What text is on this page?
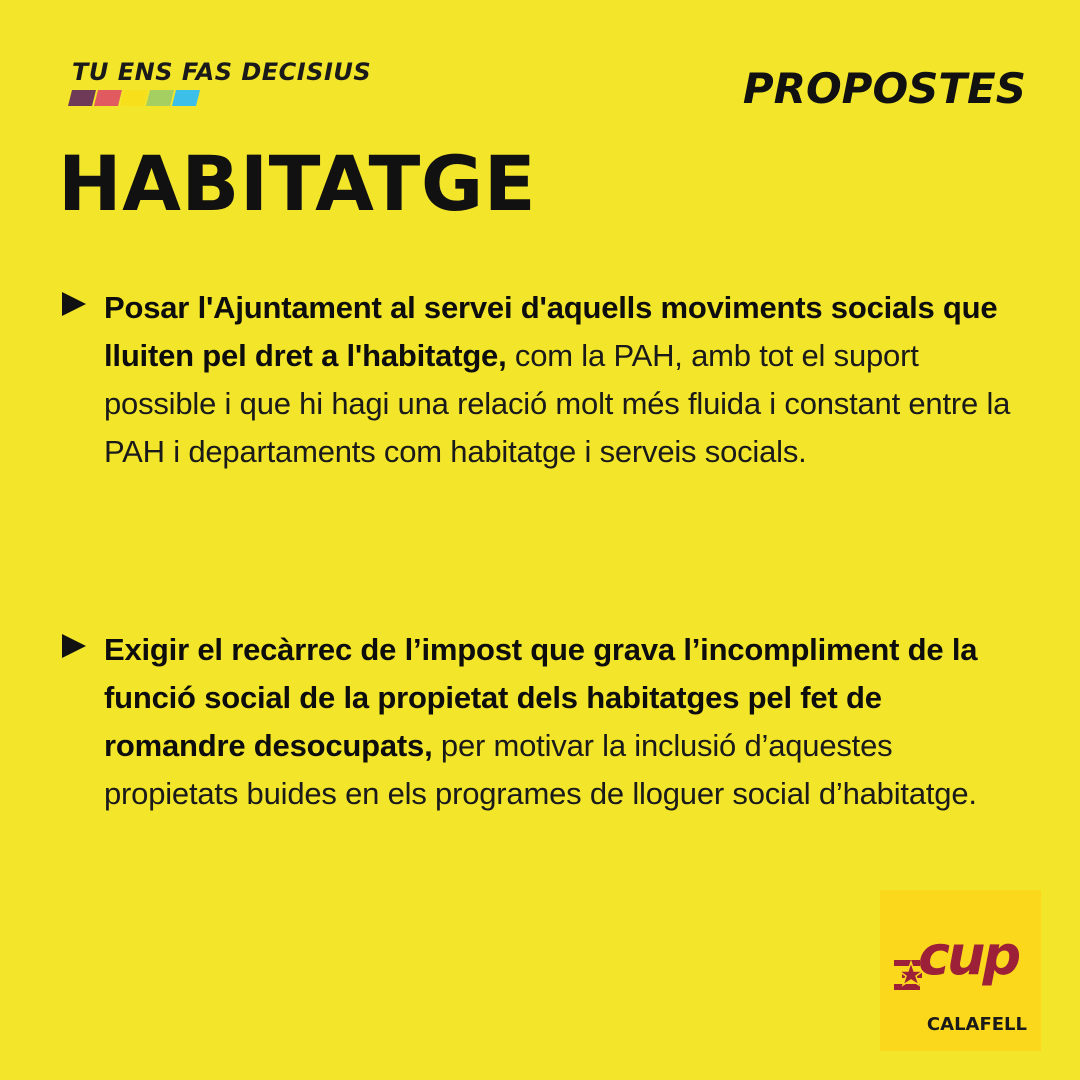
TU ENS FAS DECISIUS	PROPOSTES
HABITATGE

Posar l'Ajuntament al servei d'aquells moviments socials que lluiten pel dret a l'habitatge, com la PAH, amb tot el suport possible i que hi hagi una relació molt més fluida i constant entre la PAH i departaments com habitatge i serveis socials.

Exigir el recàrrec de l’impost que grava l’incompliment de la funció social de la propietat dels habitatges pel fet de romandre desocupats, per motivar la inclusió d’aquestes propietats buides en els programes de lloguer social d’habitatge.

cup
CALAFELL
